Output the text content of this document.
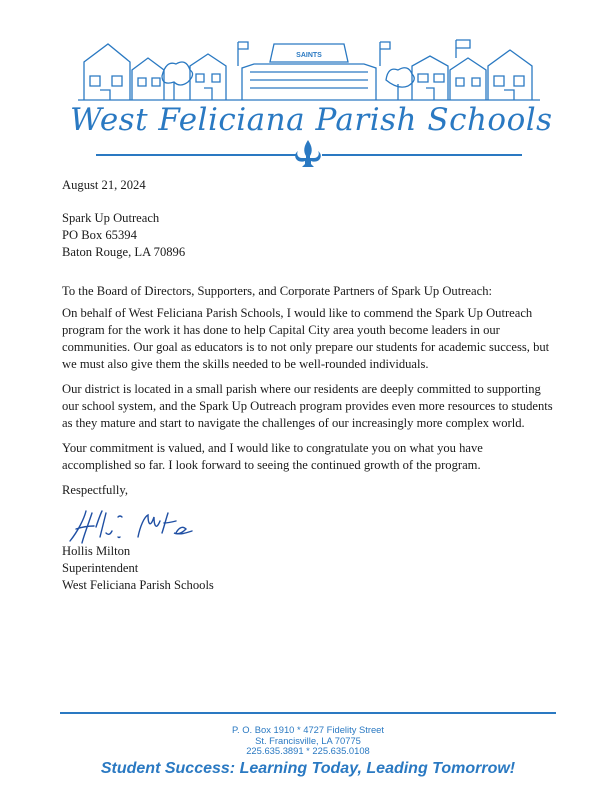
SAINTS
West Feliciana Parish Schools

August 21, 2024

Spark Up Outreach

PO Box 65394

Baton Rouge, LA 70896

To the Board of Directors, Supporters, and Corporate Partners of Spark Up Outreach:

On behalf of West Feliciana Parish Schools, I would like to commend the Spark Up Outreach

program for the work it has done to help Capital City area youth become leaders in our

communities. Our goal as educators is to not only prepare our students for academic success, but

we must also give them the skills needed to be well-rounded individuals.

Our district is located in a small parish where our residents are deeply committed to supporting

our school system, and the Spark Up Outreach program provides even more resources to students

as they mature and start to navigate the challenges of our increasingly more complex world.

Your commitment is valued, and I would like to congratulate you on what you have

accomplished so far. I look forward to seeing the continued growth of the program.

Respectfully,

Hollis Milton

Superintendent

West Feliciana Parish Schools

P. O. Box 1910 * 4727 Fidelity Street

St. Francisville, LA 70775

225.635.3891 * 225.635.0108

Student Success: Learning Today, Leading Tomorrow!
